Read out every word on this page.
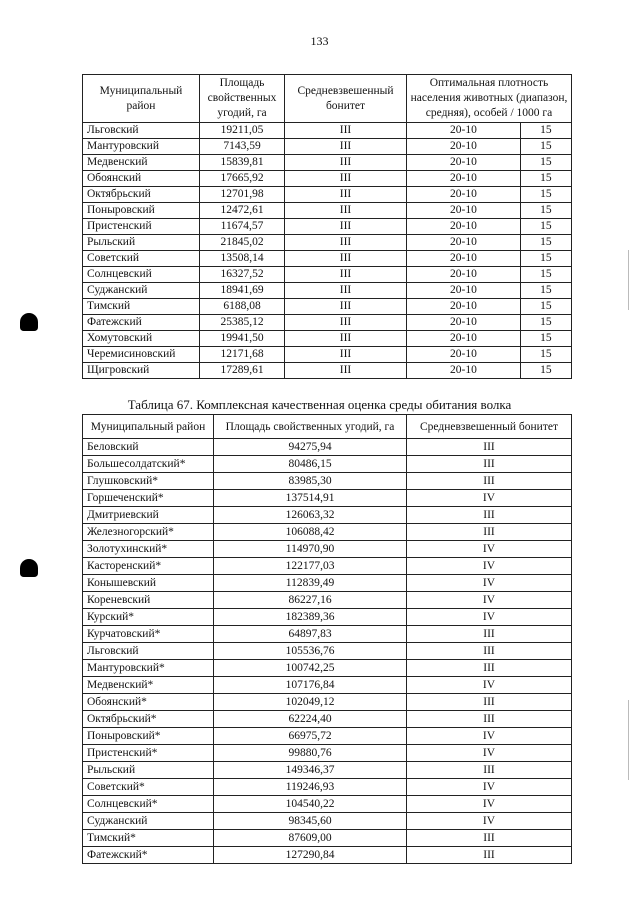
133
Муниципальный район	Площадь свойственных угодий, га	Средневзвешенный бонитет	Оптимальная плотность населения животных (диапазон, средняя), особей / 1000 га	
Льговский	19211,05	III	20-10	15
Мантуровский	7143,59	III	20-10	15
Медвенский	15839,81	III	20-10	15
Обоянский	17665,92	III	20-10	15
Октябрьский	12701,98	III	20-10	15
Поныровский	12472,61	III	20-10	15
Пристенский	11674,57	III	20-10	15
Рыльский	21845,02	III	20-10	15
Советский	13508,14	III	20-10	15
Солнцевский	16327,52	III	20-10	15
Суджанский	18941,69	III	20-10	15
Тимский	6188,08	III	20-10	15
Фатежский	25385,12	III	20-10	15
Хомутовский	19941,50	III	20-10	15
Черемисиновский	12171,68	III	20-10	15
Щигровский	17289,61	III	20-10	15
Таблица 67. Комплексная качественная оценка среды обитания волка
Муниципальный район	Площадь свойственных угодий, га	Средневзвешенный бонитет
Беловский	94275,94	III
Большесолдатский*	80486,15	III
Глушковский*	83985,30	III
Горшеченский*	137514,91	IV
Дмитриевский	126063,32	III
Железногорский*	106088,42	III
Золотухинский*	114970,90	IV
Касторенский*	122177,03	IV
Конышевский	112839,49	IV
Кореневский	86227,16	IV
Курский*	182389,36	IV
Курчатовский*	64897,83	III
Льговский	105536,76	III
Мантуровский*	100742,25	III
Медвенский*	107176,84	IV
Обоянский*	102049,12	III
Октябрьский*	62224,40	III
Поныровский*	66975,72	IV
Пристенский*	99880,76	IV
Рыльский	149346,37	III
Советский*	119246,93	IV
Солнцевский*	104540,22	IV
Суджанский	98345,60	IV
Тимский*	87609,00	III
Фатежский*	127290,84	III
